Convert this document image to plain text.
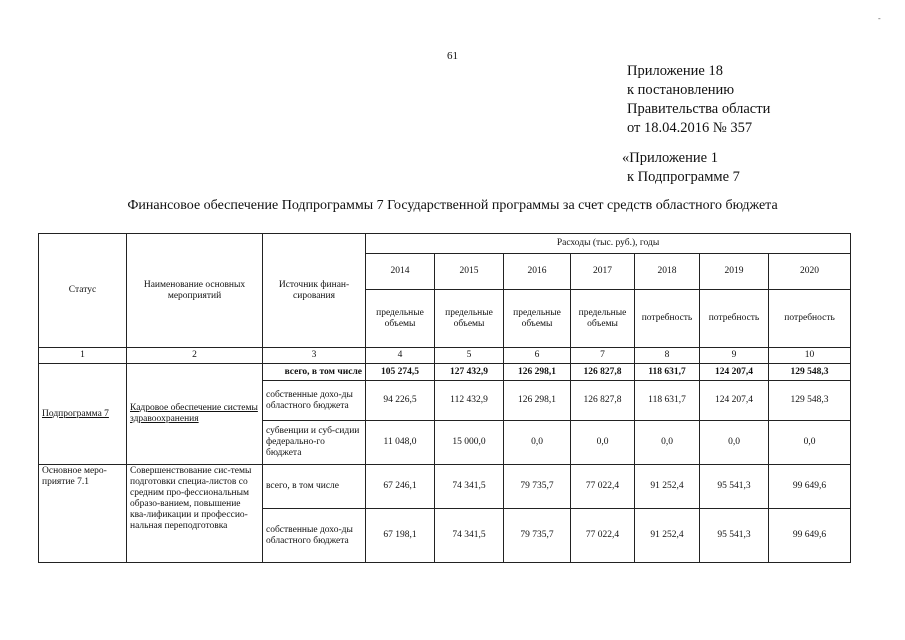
-
61
Приложение 18
к постановлению
Правительства области
от 18.04.2016 № 357
«Приложение 1
к Подпрограмме 7
Финансовое обеспечение Подпрограммы 7 Государственной программы за счет средств областного бюджета
Статус	Наименование основных мероприятий	Источник финан-сирования	Расходы (тыс. руб.), годы						
			2014	2015	2016	2017	2018	2019	2020
			предельные объемы	предельные объемы	предельные объемы	предельные объемы	потребность	потребность	потребность
1	2	3	4	5	6	7	8	9	10
Подпрограмма 7	Кадровое обеспечение системы здравоохранения	всего, в том числе	105 274,5	127 432,9	126 298,1	126 827,8	118 631,7	124 207,4	129 548,3
		собственные дохо-ды областного бюджета	94 226,5	112 432,9	126 298,1	126 827,8	118 631,7	124 207,4	129 548,3
		субвенции и суб-сидии федерально-го бюджета	11 048,0	15 000,0	0,0	0,0	0,0	0,0	0,0
Основное меро-приятие 7.1	Совершенствование сис-темы подготовки специа-листов со средним про-фессиональным образо-ванием, повышение ква-лификации и профессио-нальная переподготовка	всего, в том числе	67 246,1	74 341,5	79 735,7	77 022,4	91 252,4	95 541,3	99 649,6
		собственные дохо-ды областного бюджета	67 198,1	74 341,5	79 735,7	77 022,4	91 252,4	95 541,3	99 649,6
